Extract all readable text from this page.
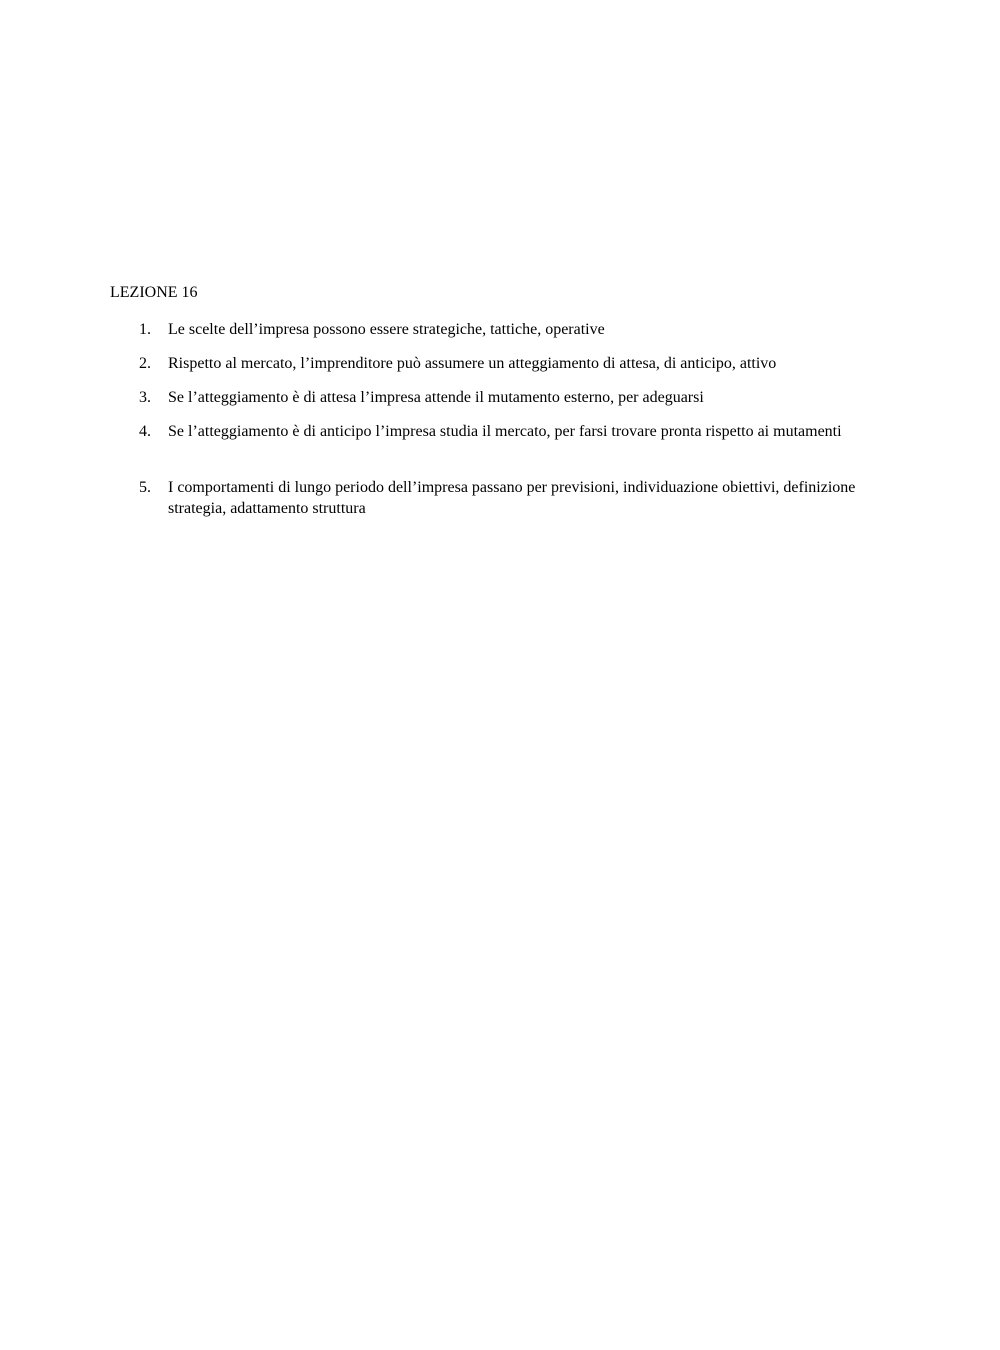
LEZIONE 16
1.	Le scelte dell’impresa possono essere strategiche, tattiche, operative
2.	Rispetto al mercato, l’imprenditore può assumere un atteggiamento di attesa, di anticipo, attivo
3.	Se l’atteggiamento è di attesa l’impresa attende il mutamento esterno, per adeguarsi
4.	Se l’atteggiamento è di anticipo l’impresa studia il mercato, per farsi trovare pronta rispetto ai mutamenti
5.	I comportamenti di lungo periodo dell’impresa passano per previsioni, individuazione obiettivi, definizione strategia, adattamento struttura
